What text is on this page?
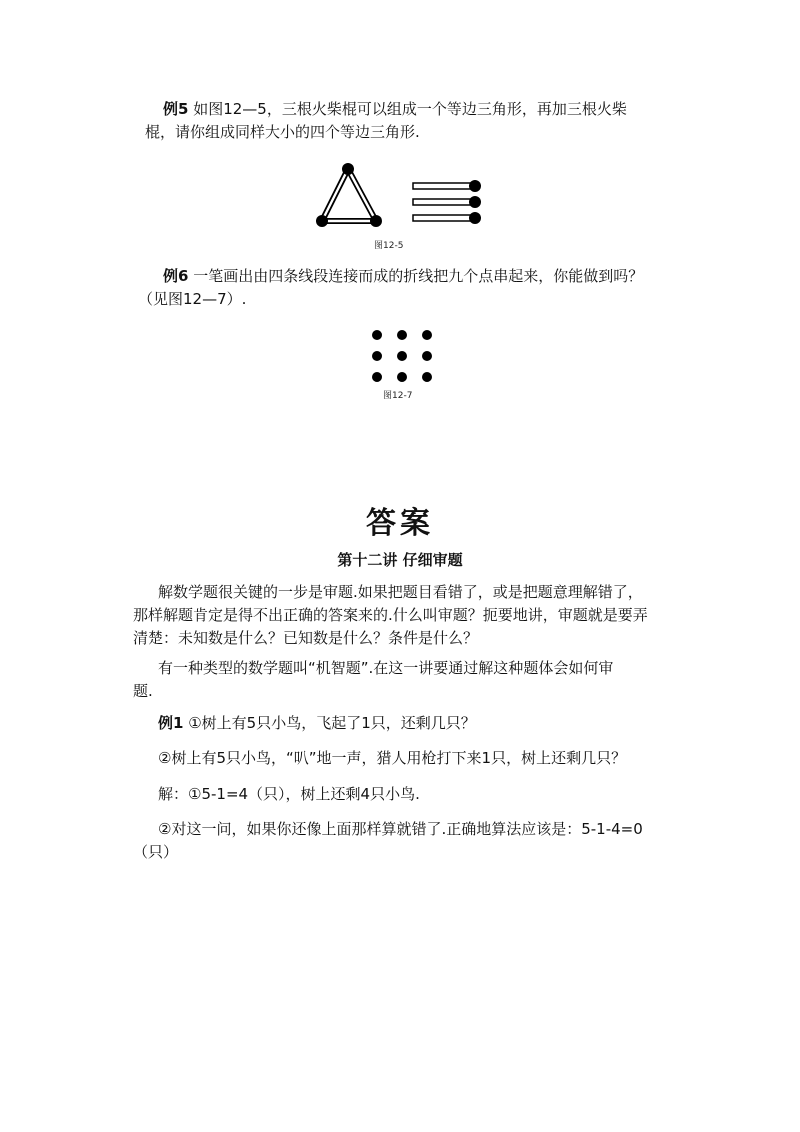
例5 如图12—5，三根火柴棍可以组成一个等边三角形，再加三根火柴

棍，请你组成同样大小的四个等边三角形.

图12-5

例6 一笔画出由四条线段连接而成的折线把九个点串起来，你能做到吗？

（见图12—7）.

图12-7

答案

第十二讲 仔细审题

解数学题很关键的一步是审题.如果把题目看错了，或是把题意理解错了，

那样解题肯定是得不出正确的答案来的.什么叫审题？扼要地讲，审题就是要弄

清楚：未知数是什么？已知数是什么？条件是什么？

有一种类型的数学题叫“机智题”.在这一讲要通过解这种题体会如何审

题.

例1 ①树上有5只小鸟，飞起了1只，还剩几只？

②树上有5只小鸟，“叭”地一声，猎人用枪打下来1只，树上还剩几只？

解：①5-1=4（只），树上还剩4只小鸟.

②对这一问，如果你还像上面那样算就错了.正确地算法应该是：5-1-4=0

（只）
